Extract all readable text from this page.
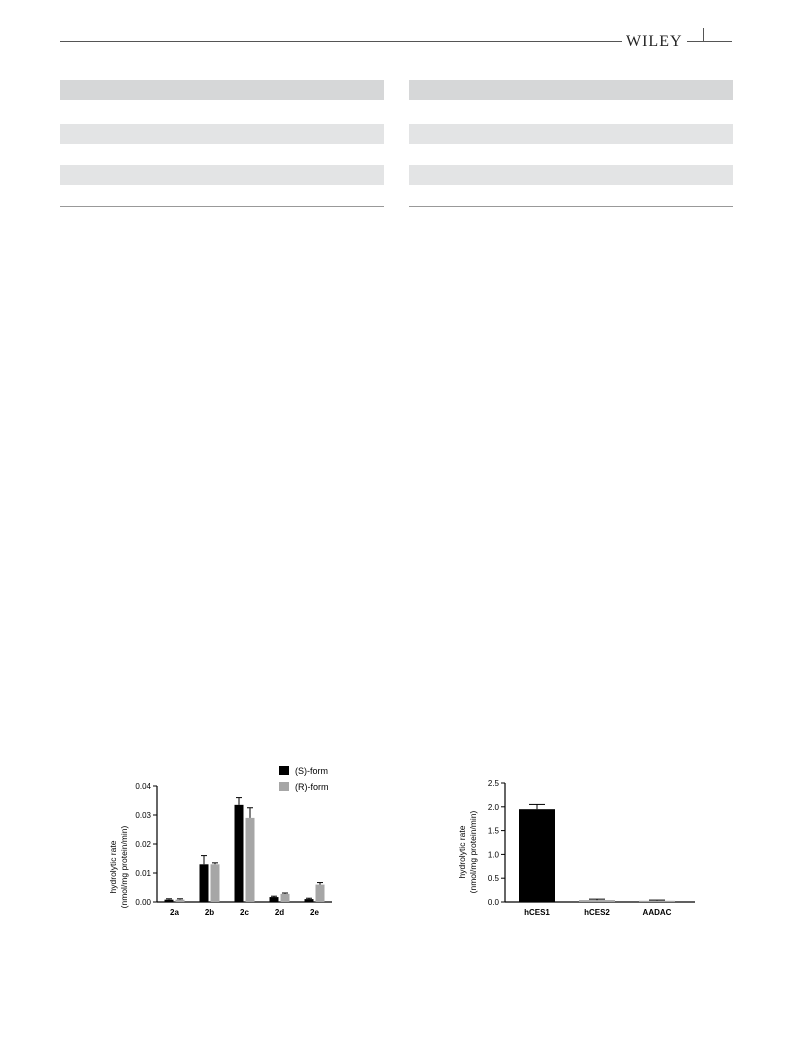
WILEY
0.00
0.01
0.02
0.03
0.04
2a	2b	2c	2d	2e
(S)-form
(R)-form
hydrolytic rate (nmol/mg protein/min)	0.0
0.5
1.0
1.5
2.0
2.5
hCES1	hCES2	AADAC
hydrolytic rate (nmol/mg protein/min)
